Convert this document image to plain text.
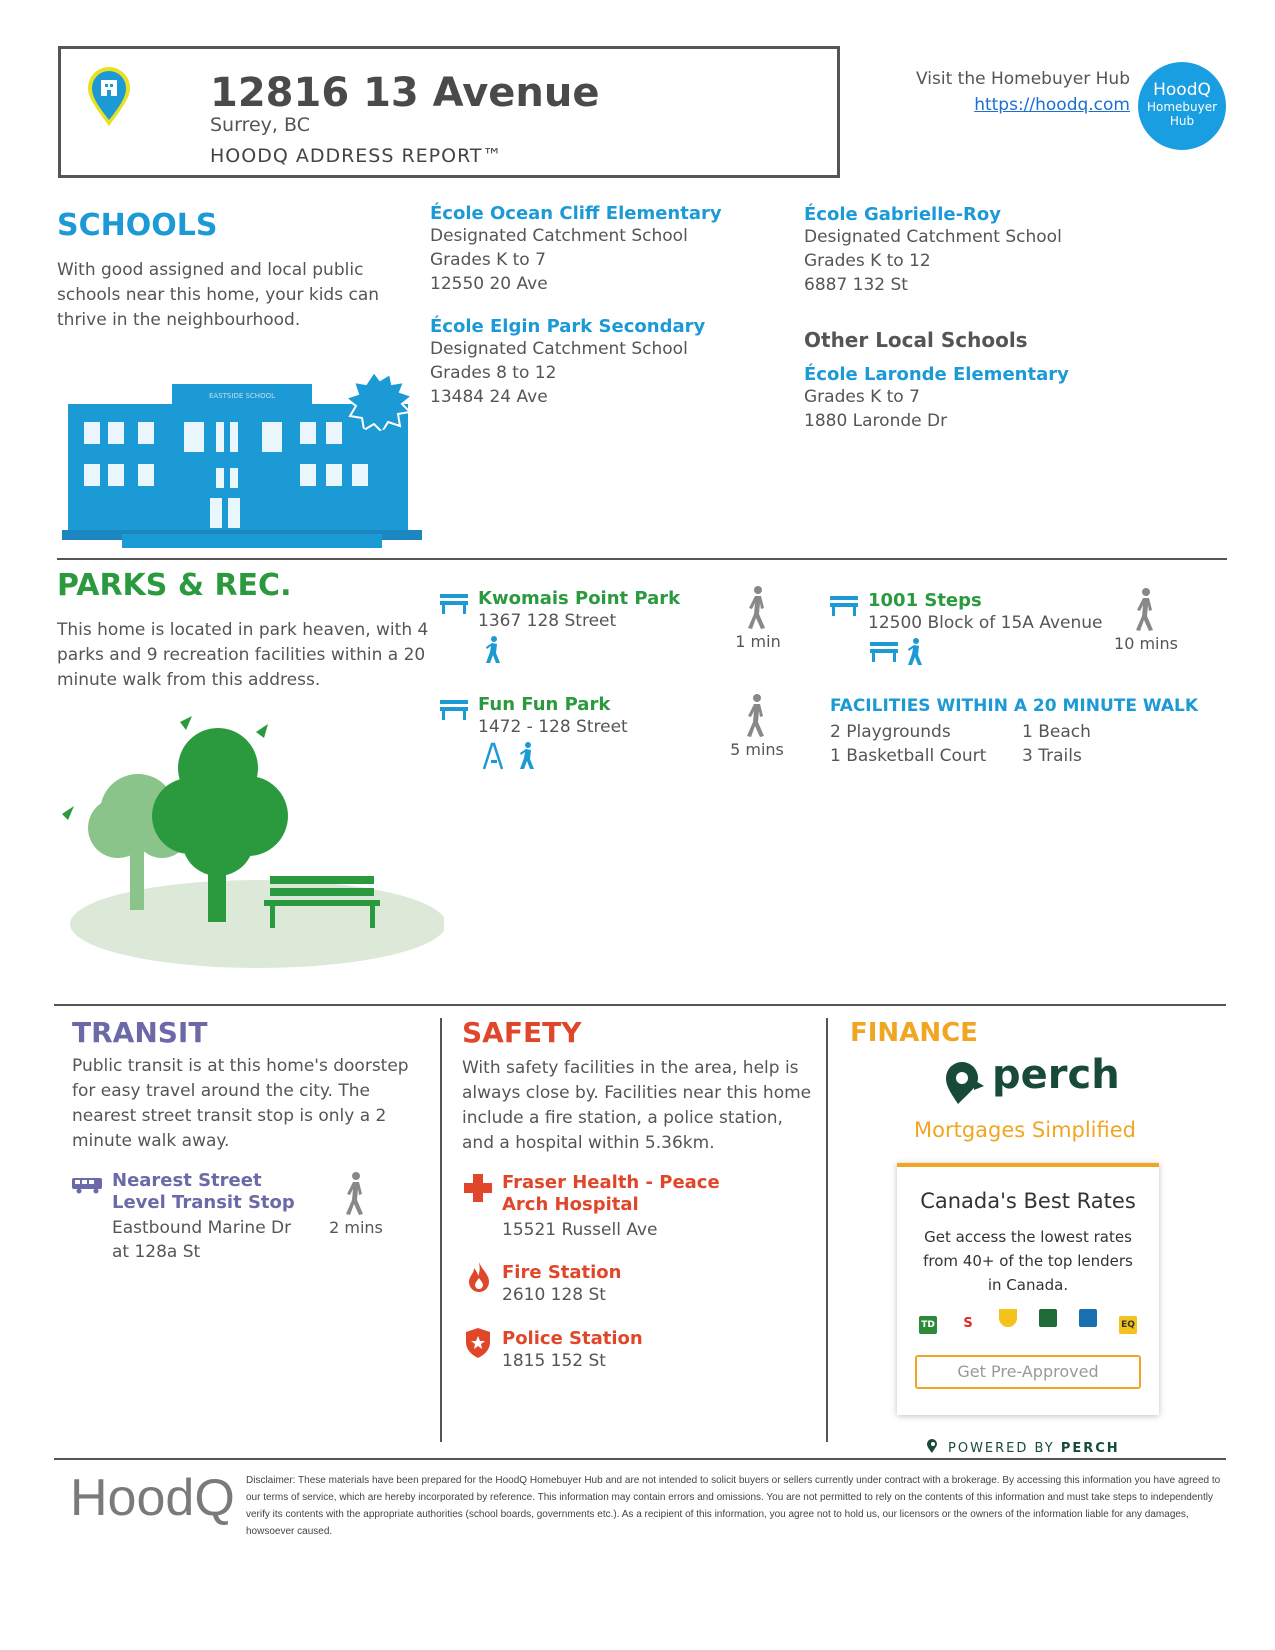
12816 13 Avenue
Surrey, BC
HOODQ ADDRESS REPORT™
Visit the Homebuyer Hub
https://hoodq.com
HoodQ
Homebuyer
Hub
SCHOOLS
With good assigned and local public schools near this home, your kids can thrive in the neighbourhood.
EASTSIDE SCHOOL
École Ocean Cliff Elementary
Designated Catchment School
Grades K to 7
12550 20 Ave
École Elgin Park Secondary
Designated Catchment School
Grades 8 to 12
13484 24 Ave
École Gabrielle-Roy
Designated Catchment School
Grades K to 12
6887 132 St
Other Local Schools
École Laronde Elementary
Grades K to 7
1880 Laronde Dr
PARKS & REC.
This home is located in park heaven, with 4 parks and 9 recreation facilities within a 20 minute walk from this address.
Kwomais Point Park
1367 128 Street
1 min
Fun Fun Park
1472 - 128 Street
5 mins
1001 Steps
12500 Block of 15A Avenue
10 mins
FACILITIES WITHIN A 20 MINUTE WALK
2 Playgrounds	1 Beach
1 Basketball Court 3 Trails
TRANSIT
Public transit is at this home's doorstep for easy travel around the city. The nearest street transit stop is only a 2 minute walk away.
Nearest Street Level Transit Stop
Eastbound Marine Dr at 128a St
2 mins
SAFETY
With safety facilities in the area, help is always close by. Facilities near this home include a fire station, a police station, and a hospital within 5.36km.
Fraser Health - Peace Arch Hospital
15521 Russell Ave
Fire Station
2610 128 St
Police Station
1815 152 St
FINANCE
perch
Mortgages Simplified
Canada's Best Rates
Get access the lowest rates from 40+ of the top lenders in Canada.
TD S	EQ
Get Pre-Approved
POWERED BY PERCH
HoodQ Disclaimer: These materials have been prepared for the HoodQ Homebuyer Hub and are not intended to solicit buyers or sellers currently under contract with a brokerage. By accessing this information you have agreed to our terms of service, which are hereby incorporated by reference. This information may contain errors and omissions. You are not permitted to rely on the contents of this information and must take steps to independently verify its contents with the appropriate authorities (school boards, governments etc.). As a recipient of this information, you agree not to hold us, our licensors or the owners of the information liable for any damages, howsoever caused.
